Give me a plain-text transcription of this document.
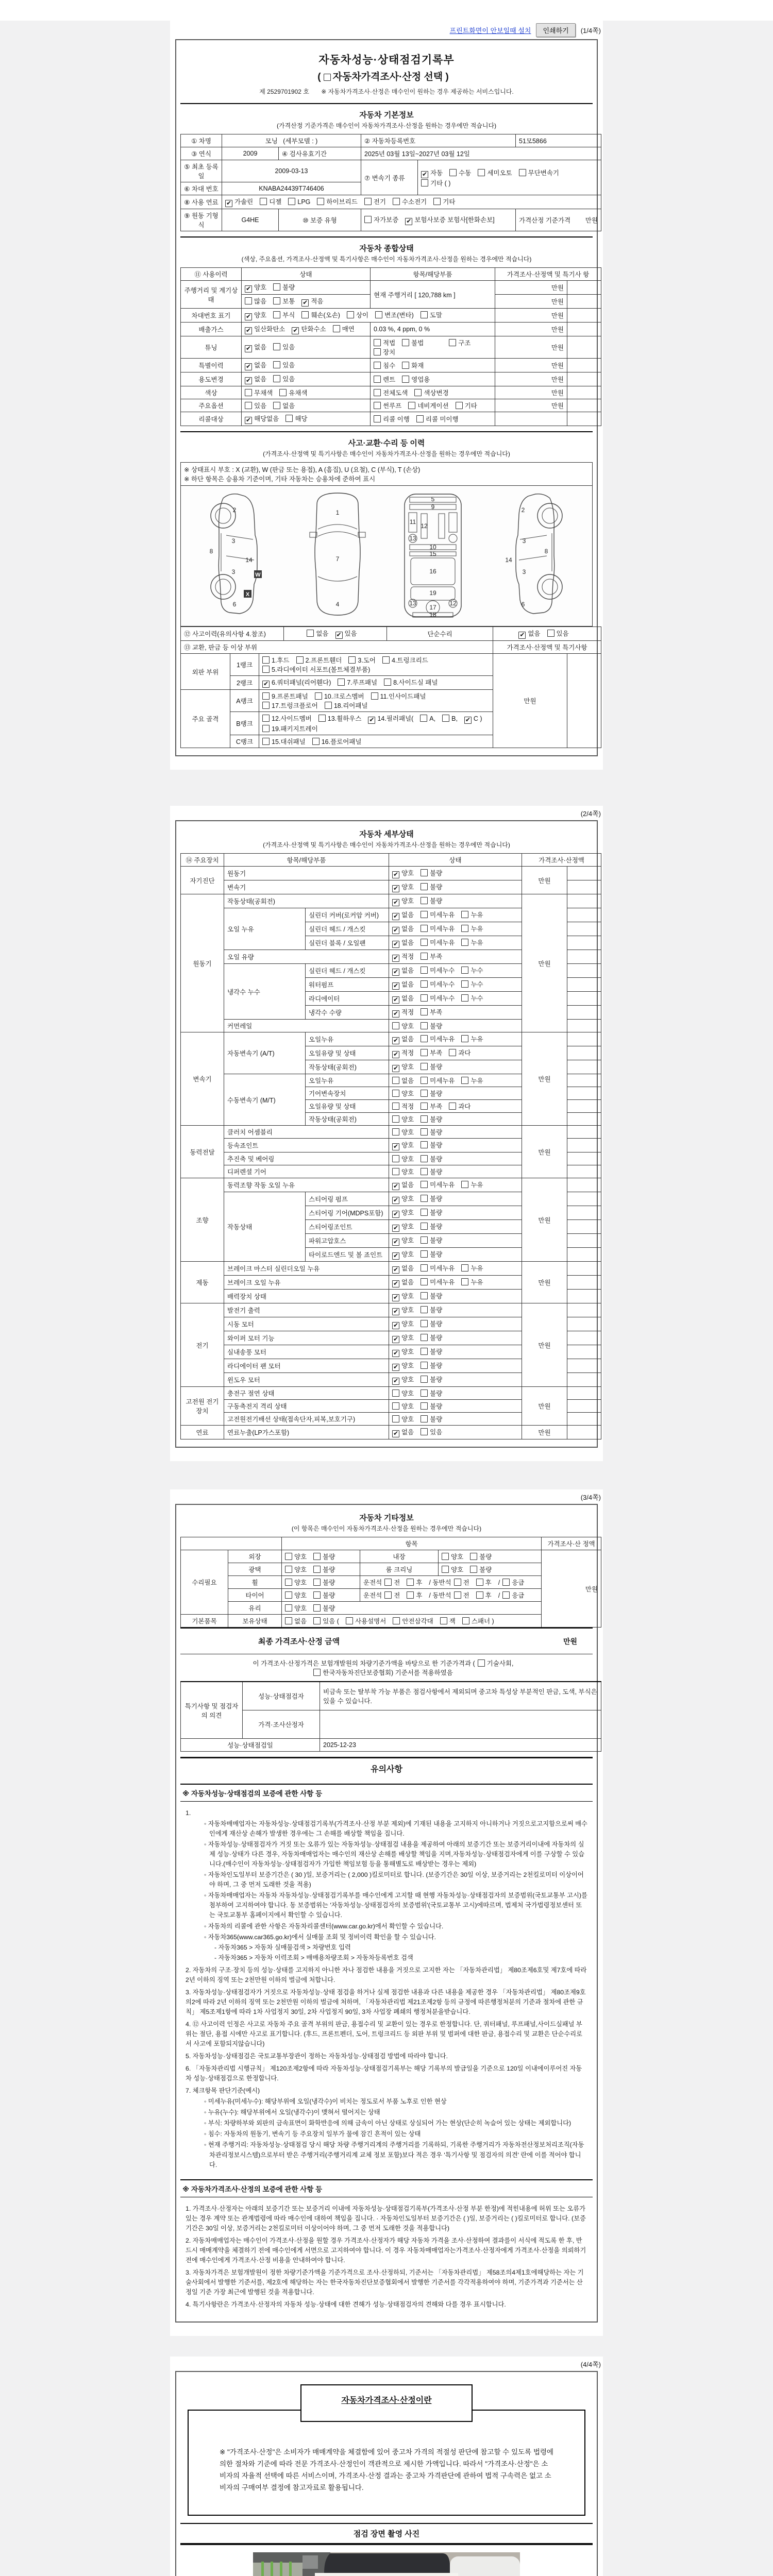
프린트화면이 안보일때 설치	인쇄하기	(1/4쪽)
자동차성능·상태점검기록부
( 자동차가격조사·산정 선택 )
제 2529701902 호 ※ 자동차가격조사·산정은 매수인이 원하는 경우 제공하는 서비스입니다.
자동차 기본정보
(가격산정 기준가격은 매수인이 자동차가격조사·산정을 원하는 경우에만 적습니다)
① 차명	모닝   (세부모델 : )		② 자동차등록번호		51모5866
③ 연식	2009	④ 검사유효기간	2025년 03월 13일~2027년 03월 12일		
⑤ 최초 등록일	2009-03-13		⑦ 변속기 종류	✔ 자동 수동 세미오토 무단변속기
기타 ( )	
⑥ 차대 번호	KNABA24439T746406				
⑧ 사용 연료	✔ 가솔린 디젤 LPG 하이브리드 전기 수소전기 기타				
⑨ 원동 기형식	G4HE	⑩ 보증 유형	자가보증 ✔ 보험사보증 보험사[한화손보]		가격산정 기준가격 만원
자동차 종합상태
(색상, 주요옵션, 가격조사·산정액 및 특기사항은 매수인이 자동차가격조사·산정을 원하는 경우에만 적습니다)
⑪ 사용이력	상태	항목/해당부품	가격조사·산정액 및 특기사 항	
주행거리 및 계기상태	✔ 양호 불량	현재 주행거리 [ 120,788 km ]	만원	
	많음 보통 ✔ 적음		만원	
차대번호 표기	✔ 양호 부식 훼손(오손) 상이 변조(변타) 도말		만원	
배출가스	✔ 일산화탄소 ✔ 탄화수소 매연	0.03 %, 4 ppm, 0 %	만원	
튜닝	✔ 없음 있음	적법 불법 구조장치	만원	
특별이력	✔ 없음 있음	침수 화재	만원	
용도변경	✔ 없음 있음	렌트 영업용	만원	
색상	무채색 유채색	전체도색 색상변경	만원	
주요옵션	있음 없음	썬루프 네비게이션 기타	만원	
리콜대상	✔ 해당없음 해당	리콜 이행 리콜 미이행		
사고·교환·수리 등 이력
(가격조사·산정액 및 특기사항은 매수인이 자동차가격조사·산정을 원하는 경우에만 적습니다)
※ 상태표시 부호 : X (교환), W (판금 또는 용접), A (흠집), U (요철), C (부식), T (손상)
※ 하단 항목은 승용차 기준이며, 기타 자동차는 승용차에 준하여 표시
2
3
8
3
14
6
2
3
8
3
14
6
W
X
1
7
4
5
9
11
12
13
10
15
16
19
13
17
12
18
⑫ 사고이력(유의사항 4.참조)	없음 ✔ 있음	단순수리	✔ 없음 있음
⑬ 교환, 판금 등 이상 부위			가격조사·산정액 및 특기사항
외판 부위	1랭크	1.후드 2.프론트휀더 3.도어 4.트렁크리드5.라디에이터 서포트(볼트체결부품)	만원	
	2랭크	✔ 6.쿼터패널(리어휀다) 7.루프패널 8.사이드실 패널		
주요 골격	A랭크	9.프론트패널 10.크로스멤버 11.인사이드패널17.트렁크플로어 18.리어패널		
	B랭크	12.사이드멤버 13.휠하우스 ✔ 14.필러패널( A, B, ✔ C )19.패키지트레이		
	C랭크	15.대쉬패널 16.플로어패널		
(2/4쪽)
자동차 세부상태
(가격조사·산정액 및 특기사항은 매수인이 자동차가격조사·산정을 원하는 경우에만 적습니다)
⑭ 주요장치	항목/해당부품		상태	가격조사·산정액	
자기진단	원동기		✔ 양호 불량	만원	
	변속기		✔ 양호 불량		
원동기	작동상태(공회전)		✔ 양호 불량	만원	
	오일 누유	실린더 커버(로커암 커버)	✔ 없음 미세누유 누유		
		실린더 헤드 / 개스킷	✔ 없음 미세누유 누유		
		실린더 블록 / 오일팬	✔ 없음 미세누유 누유		
	오일 유량		✔ 적정 부족		
	냉각수 누수	실린더 헤드 / 개스킷	✔ 없음 미세누수 누수		
		워터펌프	✔ 없음 미세누수 누수		
		라디에이터	✔ 없음 미세누수 누수		
		냉각수 수량	✔ 적정 부족		
	커먼레일		양호 불량		
변속기	자동변속기 (A/T)	오일누유	✔ 없음 미세누유 누유	만원	
		오일유량 및 상태	✔ 적정 부족 과다		
		작동상태(공회전)	✔ 양호 불량		
	수동변속기 (M/T)	오일누유	없음 미세누유 누유		
		기어변속장치	양호 불량		
		오일유량 및 상태	적정 부족 과다		
		작동상태(공회전)	양호 불량		
동력전달	클러치 어셈블리		양호 불량	만원	
	등속죠인트		✔ 양호 불량		
	추진축 및 베어링		양호 불량		
	디퍼렌셜 기어		양호 불량		
조향	동력조향 작동 오일 누유		✔ 없음 미세누유 누유	만원	
	작동상태	스티어링 펌프	✔ 양호 불량		
		스티어링 기어(MDPS포함)	✔ 양호 불량		
		스티어링조인트	✔ 양호 불량		
		파워고압호스	✔ 양호 불량		
		타이로드엔드 및 볼 죠인트	✔ 양호 불량		
제동	브레이크 마스터 실린더오일 누유		✔ 없음 미세누유 누유	만원	
	브레이크 오일 누유		✔ 없음 미세누유 누유		
	배력장치 상태		✔ 양호 불량		
전기	발전기 출력		✔ 양호 불량	만원	
	시동 모터		✔ 양호 불량		
	와이퍼 모터 기능		✔ 양호 불량		
	실내송풍 모터		✔ 양호 불량		
	라디에이터 팬 모터		✔ 양호 불량		
	윈도우 모터		✔ 양호 불량		
고전원 전기장치	충전구 절연 상태		양호 불량	만원	
	구동축전지 격리 상태		양호 불량		
	고전원전기배선 상태(접속단자,피복,보호기구)		양호 불량		
연료	연료누출(LP가스포함)		✔ 없음 있음	만원	
(3/4쪽)
자동차 기타정보
(이 항목은 매수인이 자동차가격조사·산정을 원하는 경우에만 적습니다)
		항목			가격조사·산 정액
수리필요	외장	양호 불량	내장	양호 불량	만원
	광택	양호 불량	룸 크리닝	양호 불량	
	휠	양호 불량	운전석 전 후 / 동반석 전 후 / 응급		
	타이어	양호 불량	운전석 전 후 / 동반석 전 후 / 응급		
	유리	양호 불량			
기본품목	보유상태	없음 있음 ( 사용설명서 안전삼각대 잭 스패너 )			
최종 가격조사·산정 금액	만원
이 가격조사·산정가격은 보험개발원의 차량기준가액을 바탕으로 한 기준가격과 ( 기술사회,한국자동차진단보증협회) 기준서를 적용하였음
특기사항 및 점검자의 의견	성능·상태점검자	비금속 또는 탈부착 가능 부품은 점검사항에서 제외되며 중고차 특성상 부분적인 판금, 도색, 부식은 있을 수 있습니다.
	가격·조사산정자	
성능·상태점검일		2025-12-23
유의사항
※ 자동차성능·상태점검의 보증에 관한 사항 등
1.
◦ 자동차매매업자는 자동차성능·상태점검기록부(가격조사·산정 부분 제외)에 기재된 내용을 고지하지 아니하거나 거짓으로고지함으로써 매수인에게 재산상 손해가 발생한 경우에는 그 손해를 배상할 책임을 집니다.
◦ 자동차성능·상태점검자가 거짓 또는 오류가 있는 자동차성능·상태점검 내용을 제공하여 아래의 보증기간 또는 보증거리이내에 자동차의 실제 성능·상태가 다른 경우, 자동차매매업자는 매수인의 재산상 손해를 배상할 책임을 지며,자동차성능·상태점검자에게 이를 구상할 수 있습니다.(매수인이 자동차성능·상태점검자가 가입한 책임보험 등을 통해별도로 배상받는 경우는 제외)
◦ 자동차인도일부터 보증기간은 ( 30 )일, 보증거리는 ( 2,000 )킬로미터로 합니다. (보증기간은 30일 이상, 보증거리는 2천킬로미터 이상이어야 하며, 그 중 먼저 도래한 것을 적용)
◦ 자동차매매업자는 자동차 자동차성능·상태점검기록부를 매수인에게 고지할 때 현행 자동차성능·상태점검자의 보증범위(국토교통부 고시)를 첨부하여 고지하여야 합니다. 동 보증범위는 '자동차성능·상태점검자의 보증범위'(국토교통부 고시)에따르며, 법제처 국가법령정보센터 또는 국토교통부 홈페이지에서 확인할 수 있습니다.
◦ 자동차의 리콜에 관한 사항은 자동차리콜센터(www.car.go.kr)에서 확인할 수 있습니다.
◦ 자동차365(www.car365.go.kr)에서 실매물 조회 및 정비이력 확인을 할 수 있습니다.
- 자동차365 > 자동차 실매물검색 > 차량번호 입력
- 자동차365 > 자동차 이력조회 > 매매용차량조회 > 자동차등록번호 검색
2. 자동차의 구조·장치 등의 성능·상태를 고지하지 아니한 자나 점검한 내용을 거짓으로 고지한 자는 「자동차관리법」 제80조제6호및 제7호에 따라 2년 이하의 징역 또는 2천만원 이하의 벌금에 처합니다.
3. 자동차성능·상태점검자가 거짓으로 자동차성능·상태 점검을 하거나 실제 점검한 내용과 다른 내용을 제공한 경우 「자동차관리법」 제80조제9호의2에 따라 2년 이하의 징역 또는 2천만원 이하의 벌금에 처하며, 「자동차관리법 제21조제2항 등의 규정에 따른행정처분의 기준과 절차에 관한 규칙」 제5조제1항에 따라 1차 사업정지 30일, 2차 사업정지 90일, 3차 사업장 폐쇄의 행정처분을받습니다.
4. ⑫ 사고이력 인정은 사고로 자동차 주요 골격 부위의 판금, 용접수리 및 교환이 있는 경우로 한정합니다. 단, 쿼터패널, 루프패널,사이드실패널 부위는 절단, 용접 시에만 사고로 표기합니다. (후드, 프론트펜더, 도어, 트렁크리드 등 외판 부위 및 범퍼에 대한 판금, 용접수리 및 교환은 단순수리로서 사고에 포함되지않습니다)
5. 자동차성능·상태점검은 국토교통부장관이 정하는 자동차성능·상태점검 방법에 따라야 합니다.
6. 「자동차관리법 시행규칙」 제120조제2항에 따라 자동차성능·상태점검기록부는 해당 기록부의 발급일을 기준으로 120일 이내에이루어진 자동차 성능·상태점검으로 한정합니다.
7. 체크항목 판단기준(예시)
◦ 미세누유(미세누수): 해당부위에 오일(냉각수)이 비치는 정도로서 부품 노후로 인한 현상
◦ 누유(누수): 해당부위에서 오일(냉각수)이 맺혀서 떨어지는 상태
◦ 부식: 차량하부와 외판의 금속표면이 화학반응에 의해 금속이 아닌 상태로 상실되어 가는 현상(단순히 녹슬어 있는 상태는 제외합니다)
◦ 침수: 자동차의 원동기, 변속기 등 주요장치 일부가 물에 잠긴 흔적이 있는 상태
◦ 현재 주행거리: 자동차성능·상태점검 당시 해당 차량 주행거리계의 주행거리를 기록하되, 기록한 주행거리가 자동차전산정보처리조직(자동차관리정보시스템)으로부터 받은 주행거리(주행거리계 교체 정보 포함)보다 적은 경우 '특기사항 및 점검자의 의견' 란에 이를 적어야 합니다.
※ 자동차가격조사·산정의 보증에 관한 사항 등
1. 가격조사·산정자는 아래의 보증기간 또는 보증거리 이내에 자동차성능·상태점검기록부(가격조사·산정 부분 한정)에 적힌내용에 허위 또는 오류가 있는 경우 계약 또는 관계법령에 따라 매수인에 대하여 책임을 집니다. · 자동차인도일부터 보증기간은 ( )일, 보증거리는 ( )킬로미터로 합니다. (보증기간은 30일 이상, 보증거리는 2천킬로미터 이상이어야 하며, 그 중 먼저 도래한 것을 적용합니다)
2. 자동차매매업자는 매수인이 가격조사·산정을 원할 경우 가격조사·산정자가 해당 자동차 가격을 조사·산정하여 결과를이 서식에 적도록 한 후, 반드시 매매계약을 체결하기 전에 매수인에게 서면으로 고지하여야 합니다. 이 경우 자동차매매업자는가격조사·산정자에게 가격조사·산정을 의뢰하기 전에 매수인에게 가격조사·산정 비용을 안내하여야 합니다.
3. 자동차가격은 보험개발원이 정한 차량기준가액을 기준가격으로 조사·산정하되, 기준서는 「자동차관리법」 제58조의4제1호에해당하는 자는 기술사회에서 발행한 기준서를, 제2호에 해당하는 자는 한국자동차진단보증협회에서 발행한 기준서를 각각적용하여야 하며, 기준가격과 기준서는 산정일 기준 가장 최근에 발행된 것을 적용합니다.
4. 특기사항란은 가격조사·산정자의 자동차 성능·상태에 대한 견해가 성능·상태점검자의 견해와 다를 경우 표시합니다.
(4/4쪽)
자동차가격조사·산정이란
※ "가격조사·산정"은 소비자가 매매계약을 체결함에 있어 중고차 가격의 적절성 판단에 참고할 수 있도록 법령에 의한 절차와 기준에 따라 전문 가격조사·산정인이 객관적으로 제시한 가액입니다. 따라서 "가격조사·산정"은 소비자의 자율적 선택에 따른 서비스이며, 가격조사·산정 결과는 중고차 가격판단에 관하여 법적 구속력은 없고 소비자의 구매여부 결정에 참고자료로 활용됩니다.
점검 장면 촬영 사진
